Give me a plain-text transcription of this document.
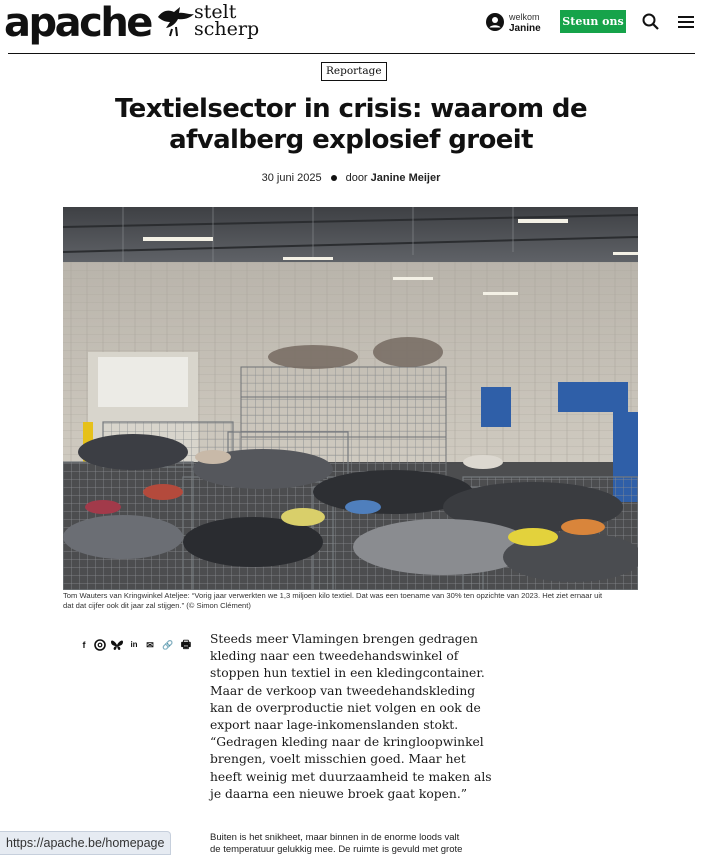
apache stelt
scherp
welkom
Janine
Steun ons
Reportage
Textielsector in crisis: waarom de
afvalberg explosief groeit
30 juni 2025 door Janine Meijer
Tom Wauters van Kringwinkel Ateljee: “Vorig jaar verwerkten we 1,3 miljoen kilo textiel. Dat was een toename van 30% ten opzichte van 2023. Het ziet ernaar uit
dat dat cijfer ook dit jaar zal stijgen.” (© Simon Clément)
f	in ✉ 🔗 🖶 Steeds meer Vlamingen brengen gedragen kleding naar een tweedehandswinkel of stoppen hun textiel in een kledingcontainer. Maar de verkoop van tweedehandskleding kan de overproductie niet volgen en ook de export naar lage-inkomenslanden stokt. “Gedragen kleding naar de kringloopwinkel brengen, voelt misschien goed. Maar het heeft weinig met duurzaamheid te maken als je daarna een nieuwe broek gaat kopen.”
Buiten is het snikheet, maar binnen in de enorme loods valt
de temperatuur gelukkig mee. De ruimte is gevuld met grote
https://apache.be/homepage
